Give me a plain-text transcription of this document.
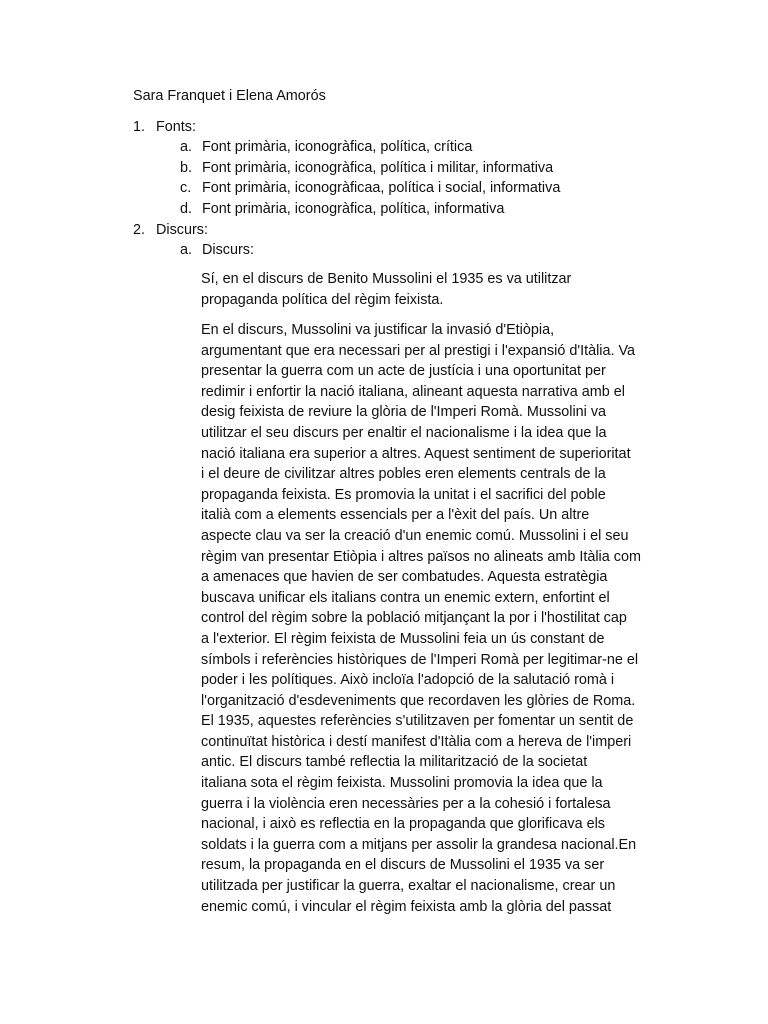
Sara Franquet i Elena Amorós
1. Fonts:
a. Font primària, iconogràfica, política, crítica
b. Font primària, iconogràfica, política i militar, informativa
c. Font primària, iconogràficaa, política i social, informativa
d. Font primària, iconogràfica, política, informativa
2. Discurs:
a. Discurs:

Sí, en el discurs de Benito Mussolini el 1935 es va utilitzar
propaganda política del règim feixista.

En el discurs, Mussolini va justificar la invasió d'Etiòpia,
argumentant que era necessari per al prestigi i l'expansió d'Itàlia. Va
presentar la guerra com un acte de justícia i una oportunitat per
redimir i enfortir la nació italiana, alineant aquesta narrativa amb el
desig feixista de reviure la glòria de l'Imperi Romà. Mussolini va
utilitzar el seu discurs per enaltir el nacionalisme i la idea que la
nació italiana era superior a altres. Aquest sentiment de superioritat
i el deure de civilitzar altres pobles eren elements centrals de la
propaganda feixista. Es promovia la unitat i el sacrifici del poble
italià com a elements essencials per a l'èxit del país. Un altre
aspecte clau va ser la creació d'un enemic comú. Mussolini i el seu
règim van presentar Etiòpia i altres països no alineats amb Itàlia com
a amenaces que havien de ser combatudes. Aquesta estratègia
buscava unificar els italians contra un enemic extern, enfortint el
control del règim sobre la població mitjançant la por i l'hostilitat cap
a l'exterior. El règim feixista de Mussolini feia un ús constant de
símbols i referències històriques de l'Imperi Romà per legitimar-ne el
poder i les polítiques. Això incloïa l'adopció de la salutació romà i
l'organització d'esdeveniments que recordaven les glòries de Roma.
El 1935, aquestes referències s'utilitzaven per fomentar un sentit de
continuïtat històrica i destí manifest d'Itàlia com a hereva de l'imperi
antic. El discurs també reflectia la militarització de la societat
italiana sota el règim feixista. Mussolini promovia la idea que la
guerra i la violència eren necessàries per a la cohesió i fortalesa
nacional, i això es reflectia en la propaganda que glorificava els
soldats i la guerra com a mitjans per assolir la grandesa nacional.En
resum, la propaganda en el discurs de Mussolini el 1935 va ser
utilitzada per justificar la guerra, exaltar el nacionalisme, crear un
enemic comú, i vincular el règim feixista amb la glòria del passat
